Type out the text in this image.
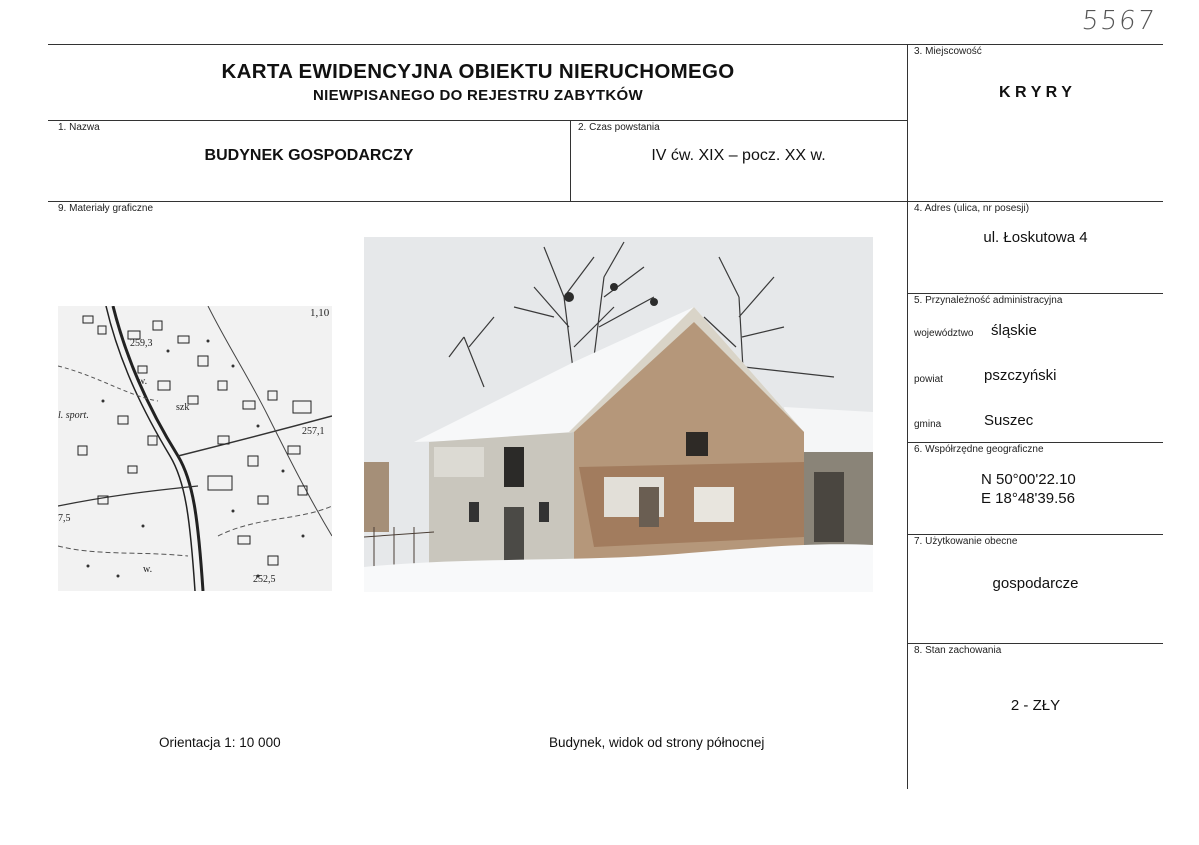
5567
KARTA EWIDENCYJNA OBIEKTU NIERUCHOMEGO
NIEWPISANEGO DO REJESTRU ZABYTKÓW
1. Nazwa
BUDYNEK GOSPODARCZY
2. Czas powstania
IV ćw. XIX – pocz. XX w.
3. Miejscowość
K R Y R Y
4. Adres (ulica, nr posesji)
ul. Łoskutowa 4
5. Przynależność administracyjna
województwo śląskie
powiat	pszczyński
gmina	Suszec
6. Współrzędne geograficzne
N 50°00'22.10
E 18°48'39.56
7. Użytkowanie obecne
gospodarcze
8. Stan zachowania
2 - ZŁY
9. Materiały graficzne
1,10
259,3
szk
l. sport.
257,1
w.
252,5
7,5
w.
Orientacja 1: 10 000	Budynek, widok od strony północnej
